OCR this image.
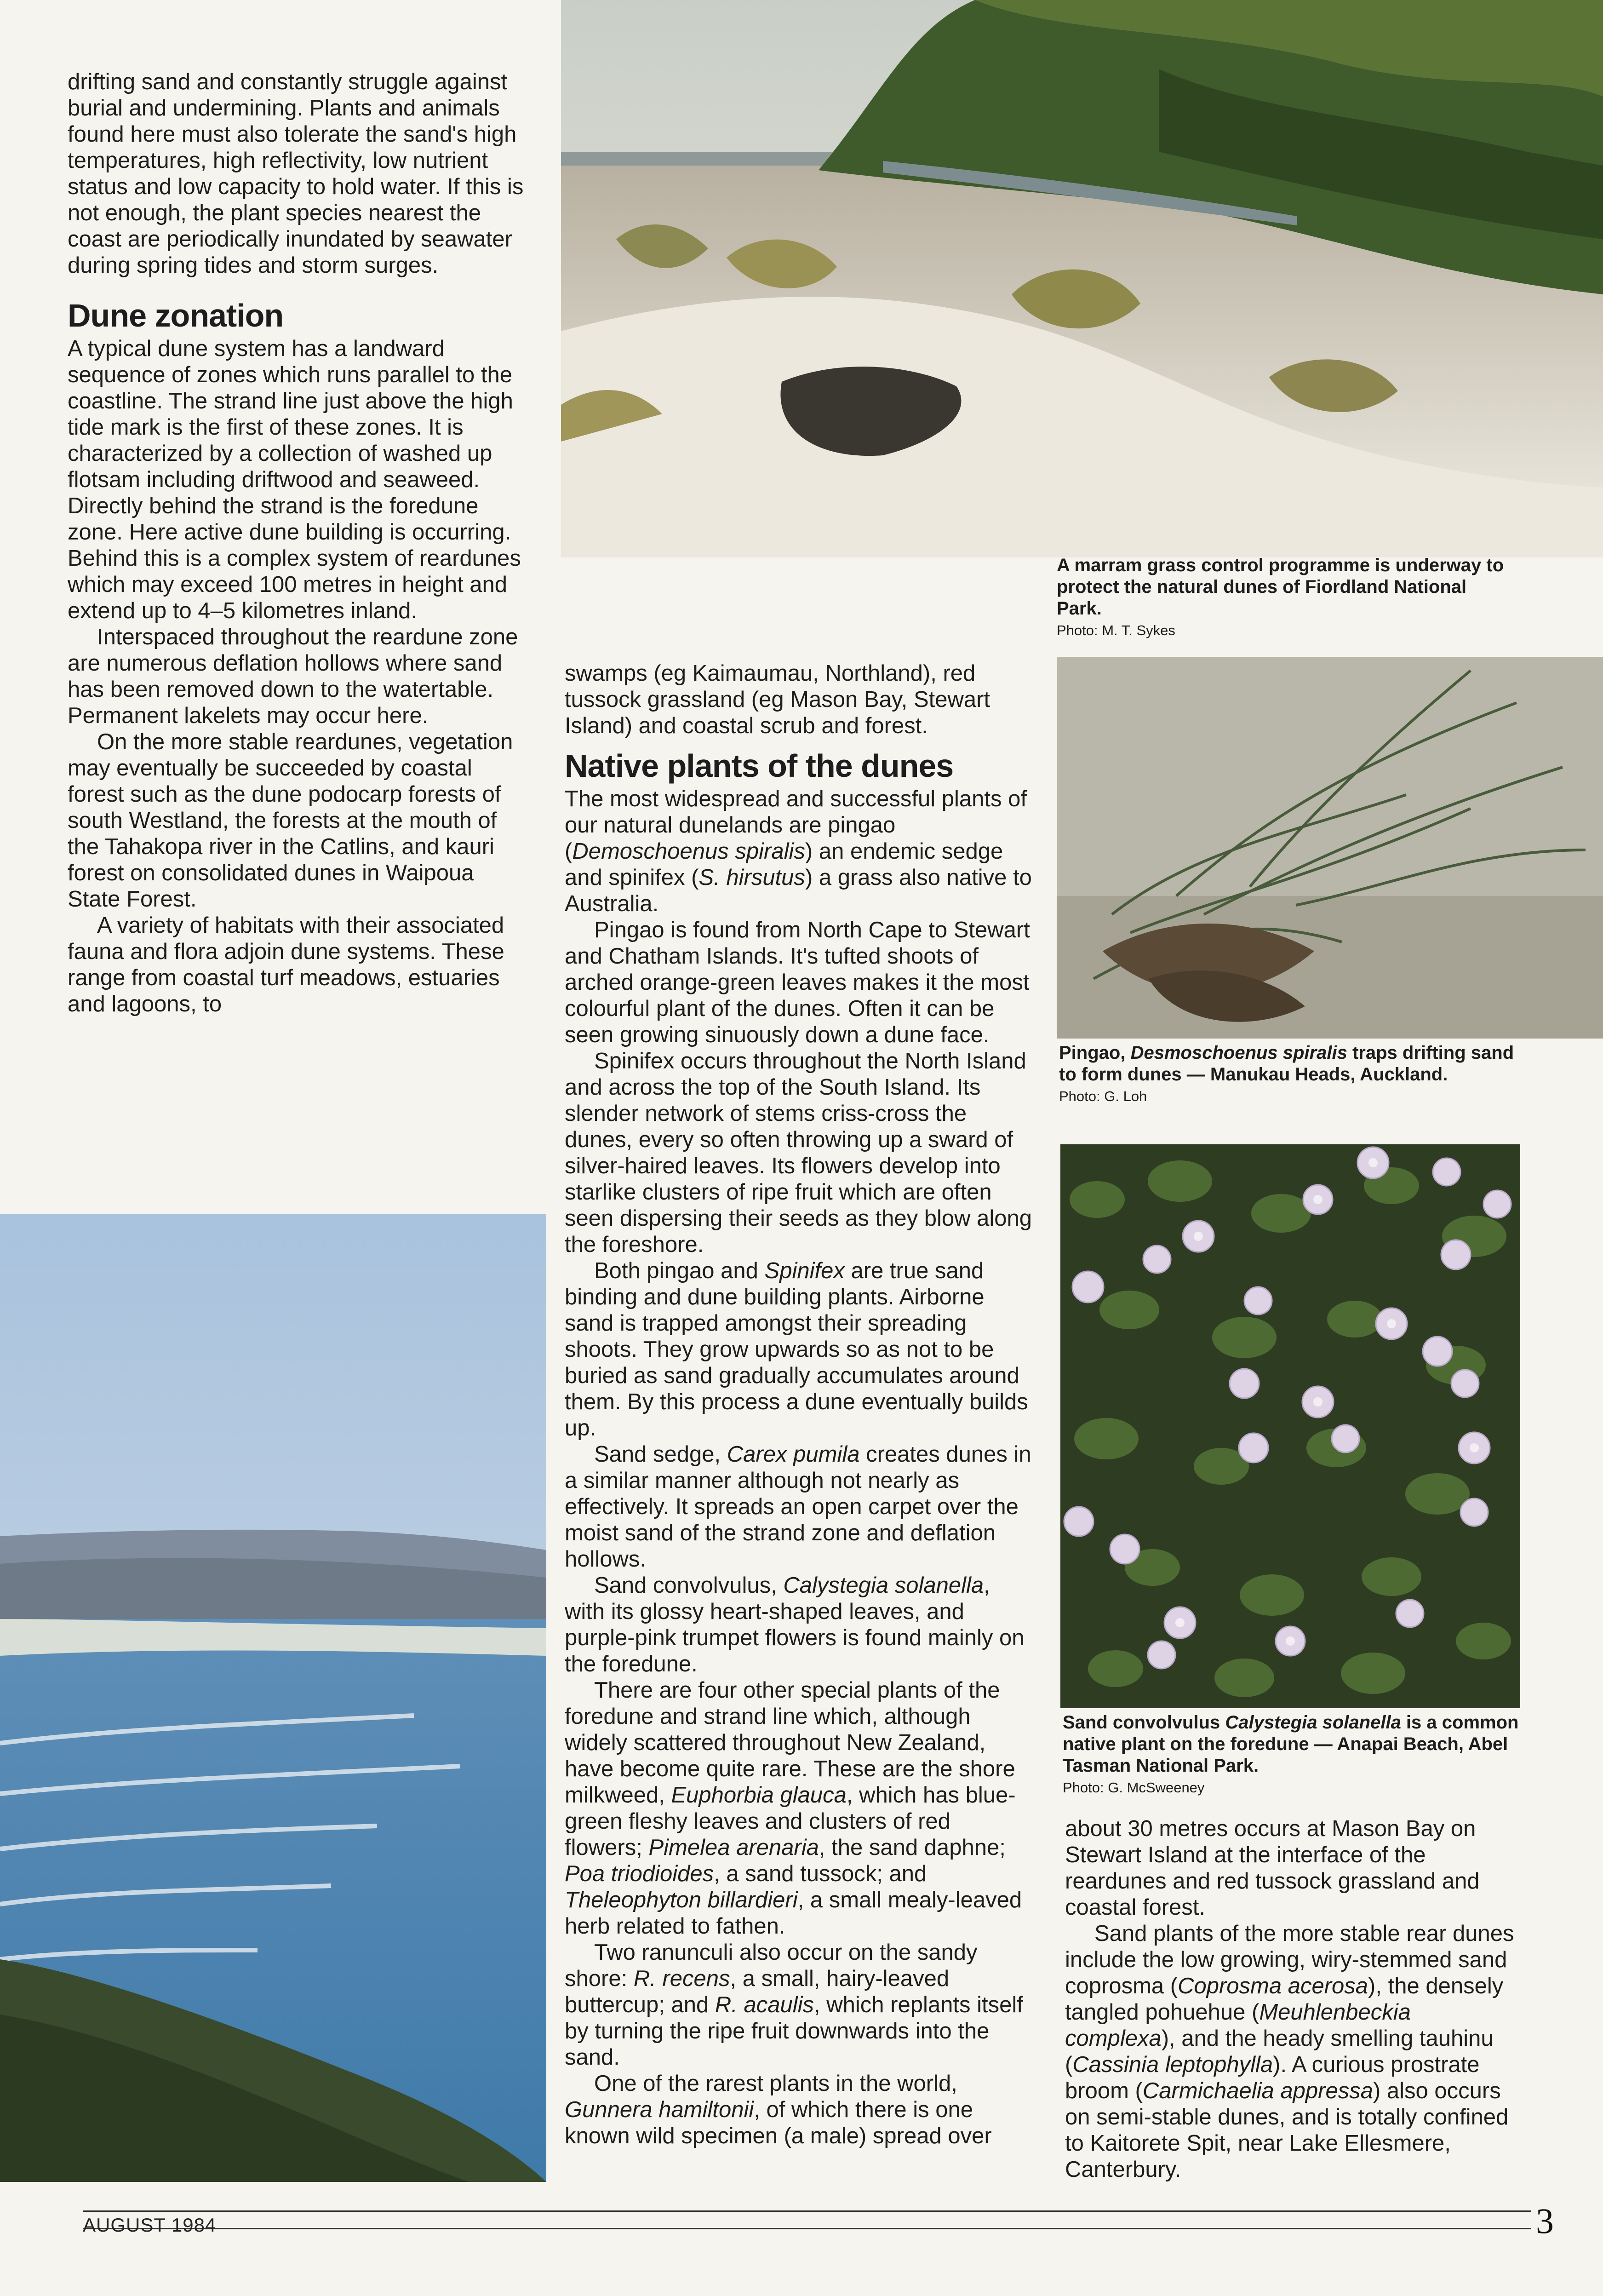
drifting sand and constantly struggle against burial and undermining. Plants and animals found here must also tolerate the sand's high temperatures, high reflectivity, low nutrient status and low capacity to hold water. If this is not enough, the plant species nearest the coast are periodically inundated by seawater during spring tides and storm surges.

Dune zonation

A typical dune system has a landward sequence of zones which runs parallel to the coastline. The strand line just above the high tide mark is the first of these zones. It is characterized by a collection of washed up flotsam including driftwood and seaweed. Directly behind the strand is the foredune zone. Here active dune building is occurring. Behind this is a complex system of reardunes which may exceed 100 metres in height and extend up to 4–5 kilometres inland.

Interspaced throughout the reardune zone are numerous deflation hollows where sand has been removed down to the watertable. Permanent lakelets may occur here.

On the more stable reardunes, vegetation may eventually be succeeded by coastal forest such as the dune podocarp forests of south Westland, the forests at the mouth of the Tahakopa river in the Catlins, and kauri forest on consolidated dunes in Waipoua State Forest.

A variety of habitats with their associated fauna and flora adjoin dune systems. These range from coastal turf meadows, estuaries and lagoons, to

A marram grass control programme is underway to protect the natural dunes of Fiordland National Park.
Photo: M. T. Sykes
Pingao, Desmoschoenus spiralis traps drifting sand to form dunes — Manukau Heads, Auckland.
Photo: G. Loh
Sand convolvulus Calystegia solanella is a common native plant on the foredune — Anapai Beach, Abel Tasman National Park.
Photo: G. McSweeney

swamps (eg Kaimaumau, Northland), red tussock grassland (eg Mason Bay, Stewart Island) and coastal scrub and forest.

Native plants of the dunes

The most widespread and successful plants of our natural dunelands are pingao (Demoschoenus spiralis) an endemic sedge and spinifex (S. hirsutus) a grass also native to Australia.

Pingao is found from North Cape to Stewart and Chatham Islands. It's tufted shoots of arched orange-green leaves makes it the most colourful plant of the dunes. Often it can be seen growing sinuously down a dune face.

Spinifex occurs throughout the North Island and across the top of the South Island. Its slender network of stems criss-cross the dunes, every so often throwing up a sward of silver-haired leaves. Its flowers develop into starlike clusters of ripe fruit which are often seen dispersing their seeds as they blow along the foreshore.

Both pingao and Spinifex are true sand binding and dune building plants. Airborne sand is trapped amongst their spreading shoots. They grow upwards so as not to be buried as sand gradually accumulates around them. By this process a dune eventually builds up.

Sand sedge, Carex pumila creates dunes in a similar manner although not nearly as effectively. It spreads an open carpet over the moist sand of the strand zone and deflation hollows.

Sand convolvulus, Calystegia solanella, with its glossy heart-shaped leaves, and purple-pink trumpet flowers is found mainly on the foredune.

There are four other special plants of the foredune and strand line which, although widely scattered throughout New Zealand, have become quite rare. These are the shore milkweed, Euphorbia glauca, which has blue-green fleshy leaves and clusters of red flowers; Pimelea arenaria, the sand daphne; Poa triodioides, a sand tussock; and Theleophyton billardieri, a small mealy-leaved herb related to fathen.

Two ranunculi also occur on the sandy shore: R. recens, a small, hairy-leaved buttercup; and R. acaulis, which replants itself by turning the ripe fruit downwards into the sand.

One of the rarest plants in the world, Gunnera hamiltonii, of which there is one known wild specimen (a male) spread over

about 30 metres occurs at Mason Bay on Stewart Island at the interface of the reardunes and red tussock grassland and coastal forest.

Sand plants of the more stable rear dunes include the low growing, wiry-stemmed sand coprosma (Coprosma acerosa), the densely tangled pohuehue (Meuhlenbeckia complexa), and the heady smelling tauhinu (Cassinia leptophylla). A curious prostrate broom (Carmichaelia appressa) also occurs on semi-stable dunes, and is totally confined to Kaitorete Spit, near Lake Ellesmere, Canterbury.

AUGUST 1984	3
